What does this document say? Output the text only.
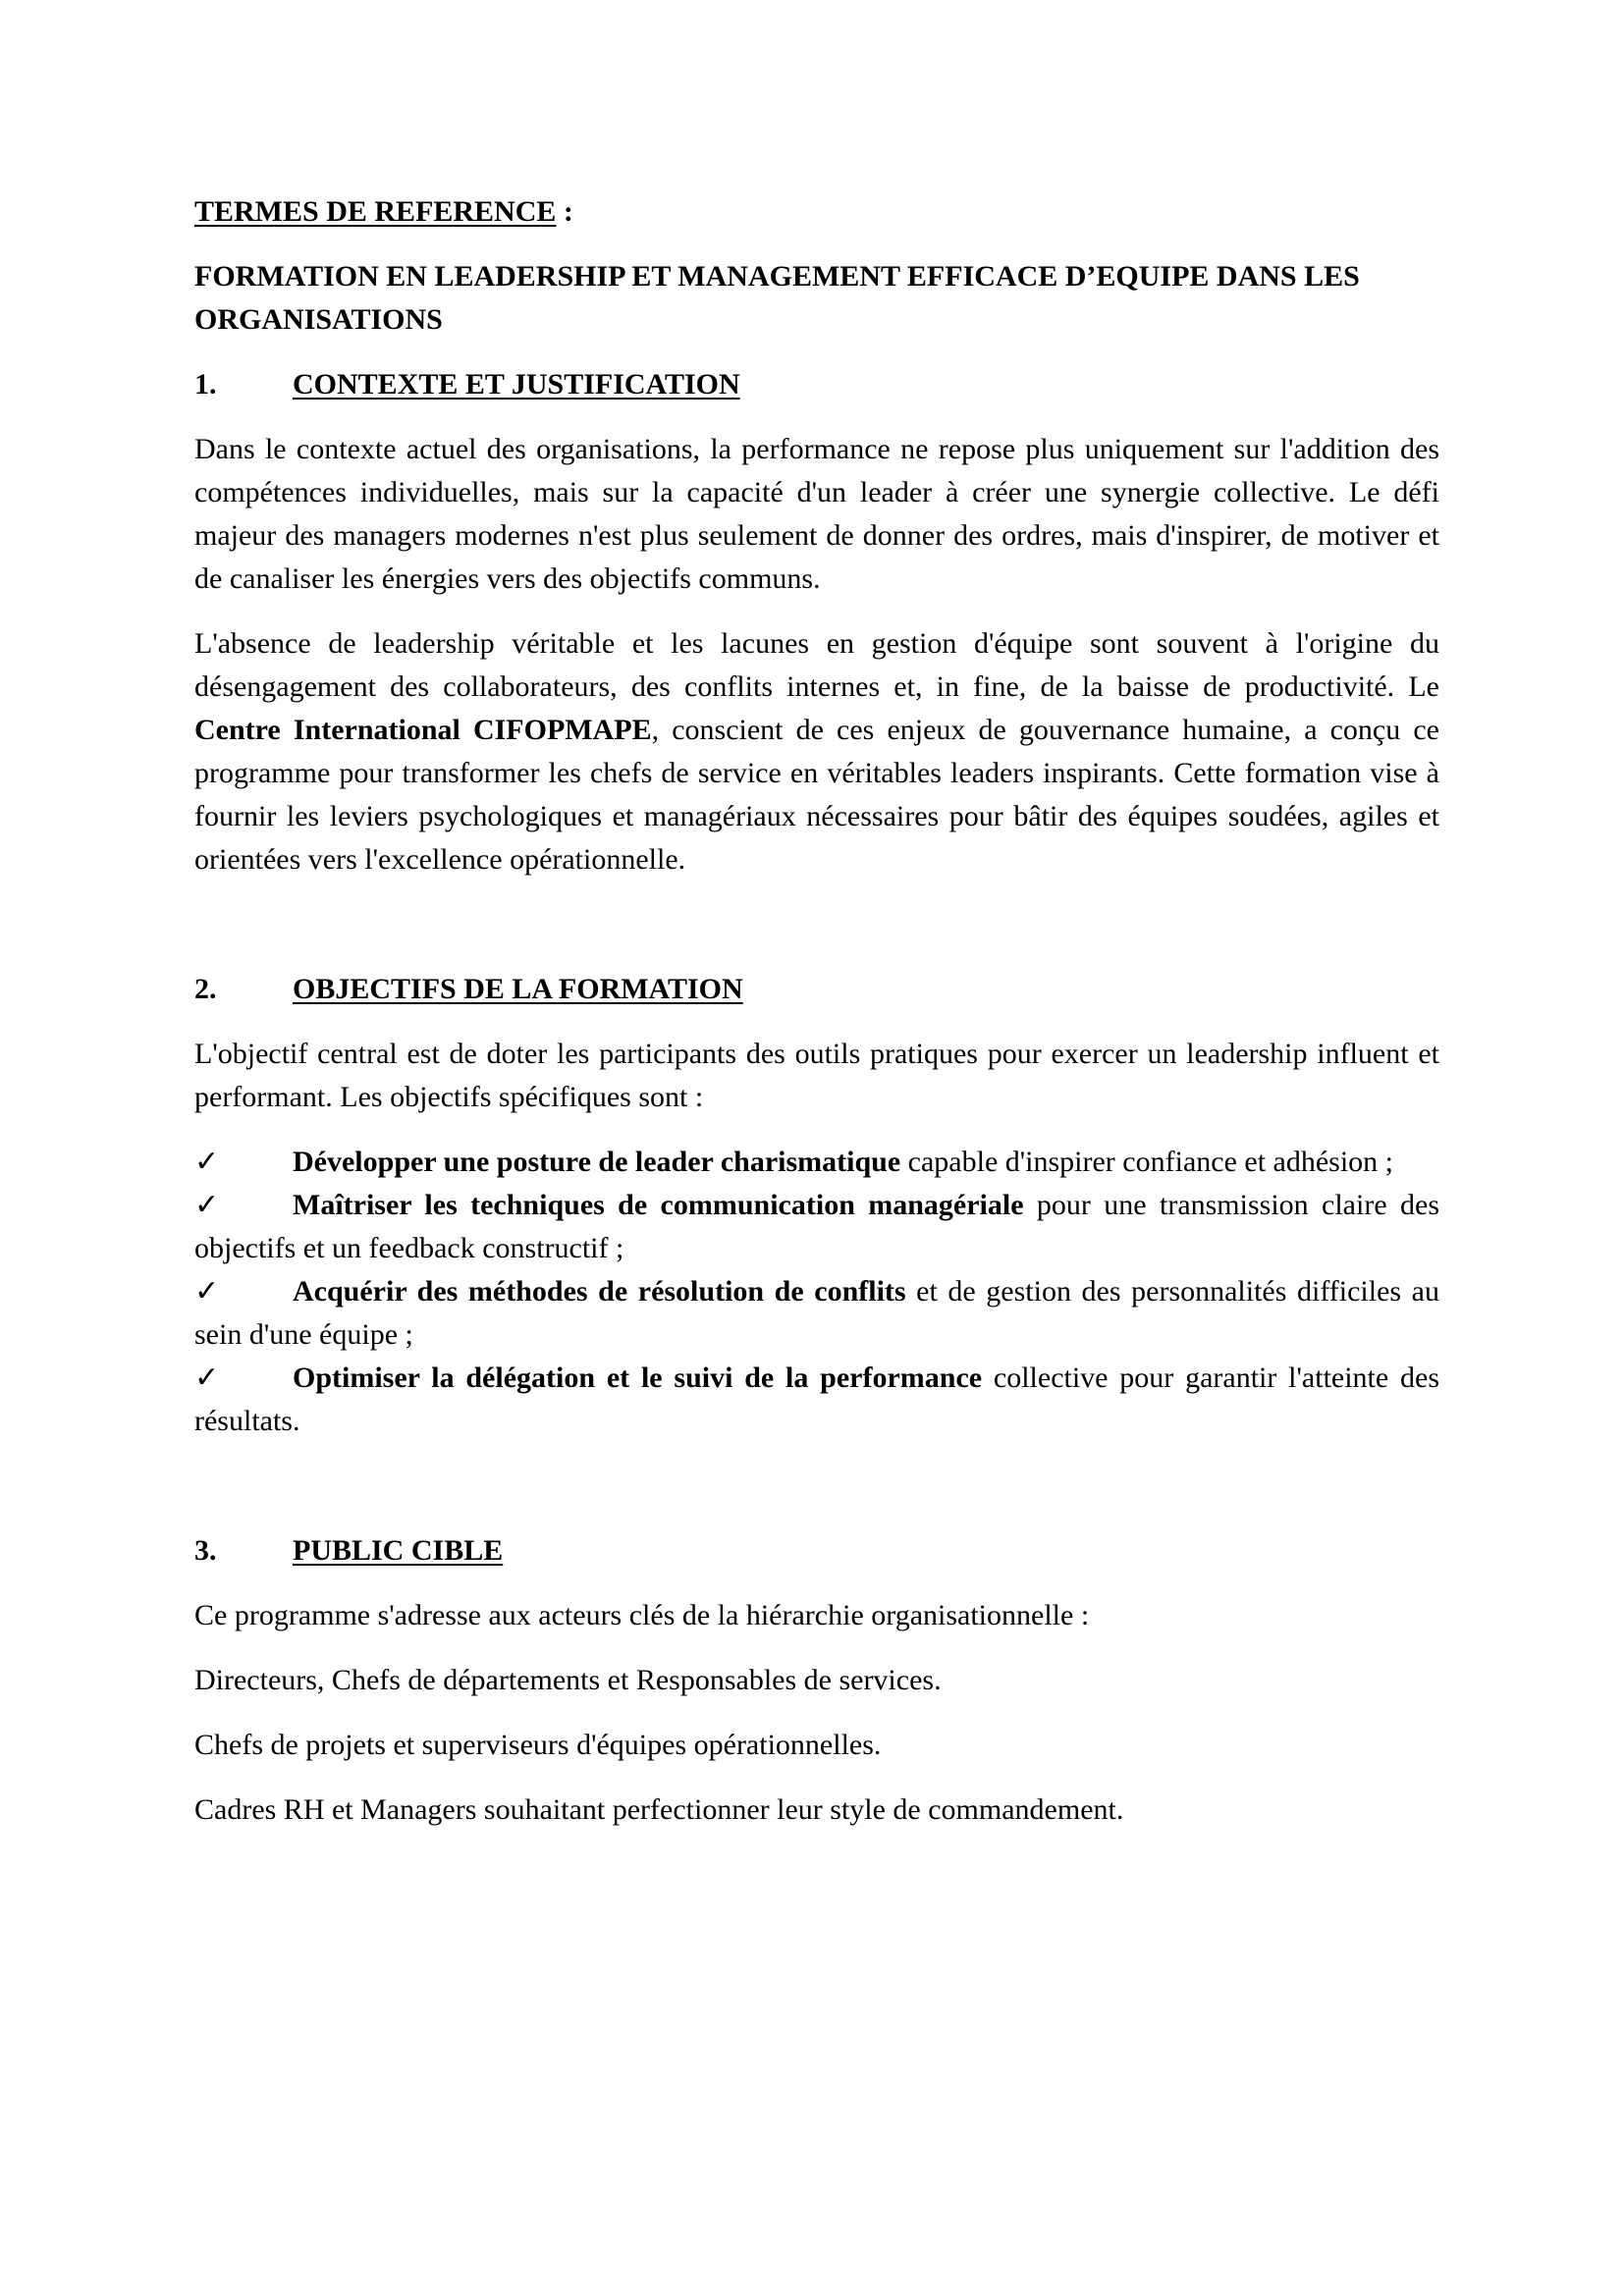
TERMES DE REFERENCE :
FORMATION EN LEADERSHIP ET MANAGEMENT EFFICACE D’EQUIPE DANS LES ORGANISATIONS
1.	CONTEXTE ET JUSTIFICATION

Dans le contexte actuel des organisations, la performance ne repose plus uniquement sur l'addition des compétences individuelles, mais sur la capacité d'un leader à créer une synergie collective. Le défi majeur des managers modernes n'est plus seulement de donner des ordres, mais d'inspirer, de motiver et de canaliser les énergies vers des objectifs communs.

L'absence de leadership véritable et les lacunes en gestion d'équipe sont souvent à l'origine du désengagement des collaborateurs, des conflits internes et, in fine, de la baisse de productivité. Le Centre International CIFOPMAPE, conscient de ces enjeux de gouvernance humaine, a conçu ce programme pour transformer les chefs de service en véritables leaders inspirants. Cette formation vise à fournir les leviers psychologiques et managériaux nécessaires pour bâtir des équipes soudées, agiles et orientées vers l'excellence opérationnelle.

2.	OBJECTIFS DE LA FORMATION

L'objectif central est de doter les participants des outils pratiques pour exercer un leadership influent et performant. Les objectifs spécifiques sont :

✓ Développer une posture de leader charismatique capable d'inspirer confiance et adhésion ;
✓ Maîtriser les techniques de communication managériale pour une transmission claire des objectifs et un feedback constructif ;
✓ Acquérir des méthodes de résolution de conflits et de gestion des personnalités difficiles au sein d'une équipe ;
✓ Optimiser la délégation et le suivi de la performance collective pour garantir l'atteinte des résultats.
3.	PUBLIC CIBLE

Ce programme s'adresse aux acteurs clés de la hiérarchie organisationnelle :

Directeurs, Chefs de départements et Responsables de services.

Chefs de projets et superviseurs d'équipes opérationnelles.

Cadres RH et Managers souhaitant perfectionner leur style de commandement.
